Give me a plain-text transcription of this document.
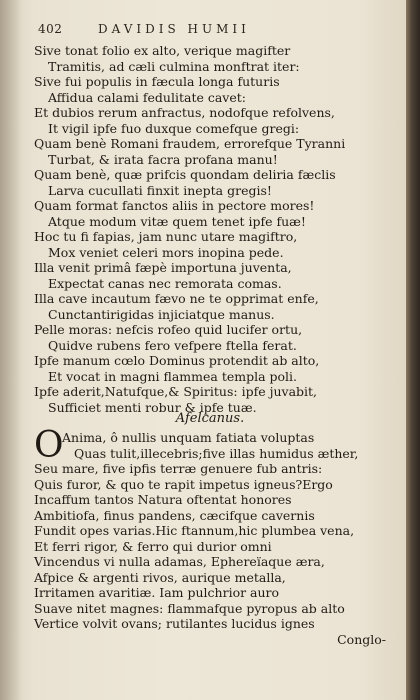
402	DAVIDIS HUMII
Sive tonat folio ex alto, verique magifter
Tramitis, ad cæli culmina monftrat iter:
Sive fui populis in fæcula longa futuris
Affidua calami fedulitate cavet:
Et dubios rerum anfractus, nodofque refolvens,
It vigil ipfe fuo duxque comefque gregi:
Quam benè Romani fraudem, errorefque Tyranni
Turbat, & irata facra profana manu!
Quam benè, quæ prifcis quondam deliria fæclis
Larva cucullati finxit inepta gregis!
Quam format fanctos aliis in pectore mores!
Atque modum vitæ quem tenet ipfe fuæ!
Hoc tu fi fapias, jam nunc utare magiftro,
Mox veniet celeri mors inopina pede.
Illa venit primâ fæpè importuna juventa,
Expectat canas nec remorata comas.
Illa cave incautum fævo ne te opprimat enfe,
Cunctantirigidas injiciatque manus.
Pelle moras: nefcis rofeo quid lucifer ortu,
Quidve rubens fero vefpere ftella ferat.
Ipfe manum cœlo Dominus protendit ab alto,
Et vocat in magni flammea templa poli.
Ipfe aderit,Natufque,& Spiritus: ipfe juvabit,
Sufficiet menti robur & ipfe tuæ.
Afelcanus.
O
Anima, ô nullis unquam fatiata voluptas
Quas tulit,illecebris;five illas humidus æther,
Seu mare, five ipfis terræ genuere fub antris:
Quis furor, & quo te rapit impetus igneus?Ergo
Incaffum tantos Natura oftentat honores
Ambitiofa, finus pandens, cæcifque cavernis
Fundit opes varias.Hic ftannum,hic plumbea vena,
Et ferri rigor, & ferro qui durior omni
Vincendus vi nulla adamas, Ephereïaque æra,
Afpice & argenti rivos, aurique metalla,
Irritamen avaritiæ. Iam pulchrior auro
Suave nitet magnes: flammafque pyropus ab alto
Vertice volvit ovans; rutilantes lucidus ignes
Conglo-
